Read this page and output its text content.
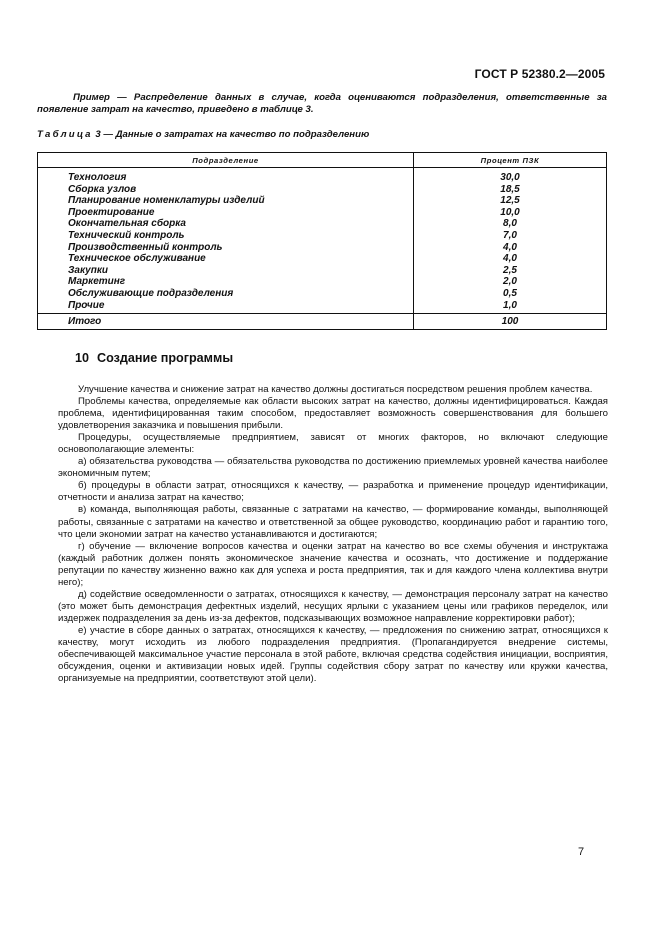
ГОСТ Р 52380.2—2005
Пример — Распределение данных в случае, когда оцениваются подразделения, ответственные за появление затрат на качество, приведено в таблице 3.
Таблица 3 — Данные о затратах на качество по подразделению
Подразделение	Процент ПЗК
Технология	30,0
Сборка узлов	18,5
Планирование номенклатуры изделий	12,5
Проектирование	10,0
Окончательная сборка	8,0
Технический контроль	7,0
Производственный контроль	4,0
Техническое обслуживание	4,0
Закупки	2,5
Маркетинг	2,0
Обслуживающие подразделения	0,5
Прочие	1,0
Итого	100
10 Создание программы

Улучшение качества и снижение затрат на качество должны достигаться посредством решения проблем качества.

Проблемы качества, определяемые как области высоких затрат на качество, должны идентифицироваться. Каждая проблема, идентифицированная таким способом, предоставляет возможность совершенствования для большего удовлетворения заказчика и повышения прибыли.

Процедуры, осуществляемые предприятием, зависят от многих факторов, но включают следующие основополагающие элементы:

а) обязательства руководства — обязательства руководства по достижению приемлемых уровней качества наиболее экономичным путем;

б) процедуры в области затрат, относящихся к качеству, — разработка и применение процедур идентификации, отчетности и анализа затрат на качество;

в) команда, выполняющая работы, связанные с затратами на качество, — формирование команды, выполняющей работы, связанные с затратами на качество и ответственной за общее руководство, координацию работ и гарантию того, что цели экономии затрат на качество устанавливаются и достигаются;

г) обучение — включение вопросов качества и оценки затрат на качество во все схемы обучения и инструктажа (каждый работник должен понять экономическое значение качества и осознать, что достижение и поддержание репутации по качеству жизненно важно как для успеха и роста предприятия, так и для каждого члена коллектива внутри него);

д) содействие осведомленности о затратах, относящихся к качеству, — демонстрация персоналу затрат на качество (это может быть демонстрация дефектных изделий, несущих ярлыки с указанием цены или графиков переделок, или издержек подразделения за день из-за дефектов, подсказывающих возможное направление корректировки работ);

е) участие в сборе данных о затратах, относящихся к качеству, — предложения по снижению затрат, относящихся к качеству, могут исходить из любого подразделения предприятия. (Пропагандируется внедрение системы, обеспечивающей максимальное участие персонала в этой работе, включая средства содействия инициации, восприятия, обсуждения, оценки и активизации новых идей. Группы содействия сбору затрат по качеству или кружки качества, организуемые на предприятии, соответствуют этой цели).

7
